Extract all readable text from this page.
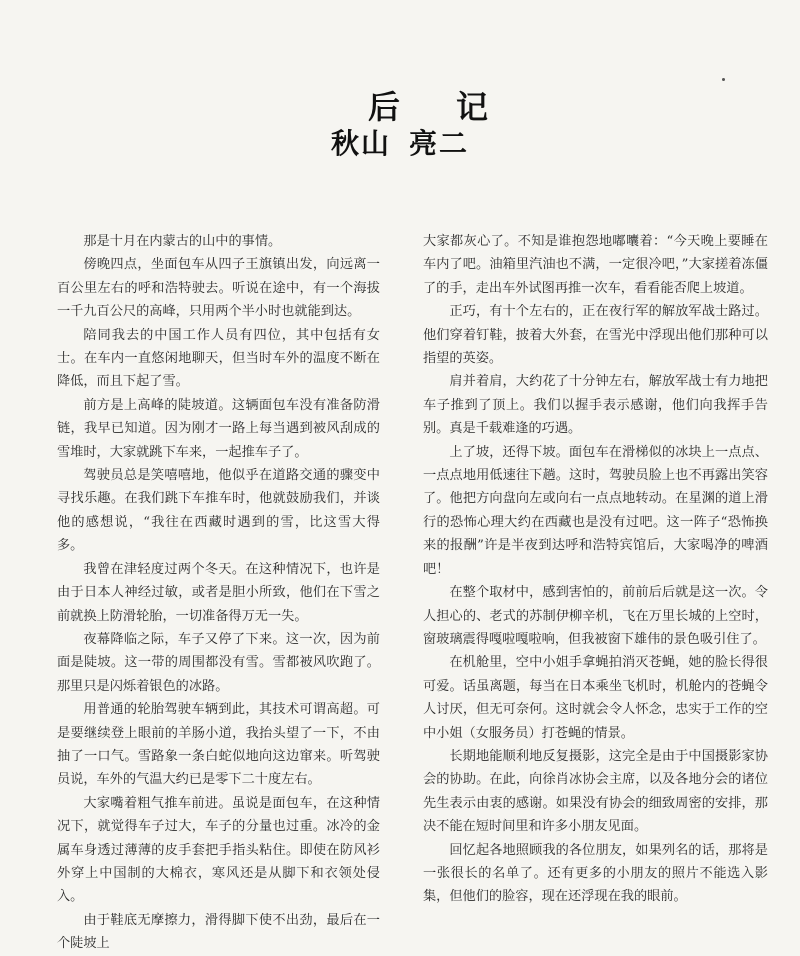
后记
秋山 亮二

那是十月在内蒙古的山中的事情。

傍晚四点，坐面包车从四子王旗镇出发，向远离一百公里左右的呼和浩特驶去。听说在途中，有一个海拔一千九百公尺的高峰，只用两个半小时也就能到达。

陪同我去的中国工作人员有四位，其中包括有女士。在车内一直悠闲地聊天，但当时车外的温度不断在降低，而且下起了雪。

前方是上高峰的陡坡道。这辆面包车没有准备防滑链，我早已知道。因为刚才一路上每当遇到被风刮成的雪堆时，大家就跳下车来，一起推车子了。

驾驶员总是笑嘻嘻地，他似乎在道路交通的骤变中寻找乐趣。在我们跳下车推车时，他就鼓励我们，并谈他的感想说，“我往在西藏时遇到的雪，比这雪大得多。

我曾在津轻度过两个冬天。在这种情况下，也许是由于日本人神经过敏，或者是胆小所致，他们在下雪之前就换上防滑轮胎，一切准备得万无一失。

夜幕降临之际，车子又停了下来。这一次，因为前面是陡坡。这一带的周围都没有雪。雪都被风吹跑了。那里只是闪烁着银色的冰路。

用普通的轮胎驾驶车辆到此，其技术可谓高超。可是要继续登上眼前的羊肠小道，我抬头望了一下，不由抽了一口气。雪路象一条白蛇似地向这边窜来。听驾驶员说，车外的气温大约已是零下二十度左右。

大家嘴着粗气推车前进。虽说是面包车，在这种情况下，就觉得车子过大，车子的分量也过重。冰冷的金属车身透过薄薄的皮手套把手指头粘住。即使在防风衫外穿上中国制的大棉衣，寒风还是从脚下和衣领处侵入。

由于鞋底无摩擦力，滑得脚下使不出劲，最后在一个陡坡上

大家都灰心了。不知是谁抱怨地嘟囔着：“今天晚上要睡在车内了吧。油箱里汽油也不满，一定很冷吧，”大家搓着冻僵了的手，走出车外试图再推一次车，看看能否爬上坡道。

正巧，有十个左右的，正在夜行军的解放军战士路过。他们穿着钉鞋，披着大外套，在雪光中浮现出他们那种可以指望的英姿。

肩并着肩，大约花了十分钟左右，解放军战士有力地把车子推到了顶上。我们以握手表示感谢，他们向我挥手告别。真是千载难逢的巧遇。

上了坡，还得下坡。面包车在滑梯似的冰块上一点点、一点点地用低速往下趟。这时，驾驶员脸上也不再露出笑容了。他把方向盘向左或向右一点点地转动。在星渊的道上滑行的恐怖心理大约在西藏也是没有过吧。这一阵子“恐怖换来的报酬”许是半夜到达呼和浩特宾馆后，大家喝净的啤酒吧！

在整个取材中，感到害怕的，前前后后就是这一次。令人担心的、老式的苏制伊柳辛机，飞在万里长城的上空时，窗玻璃震得嘎啦嘎啦响，但我被窗下雄伟的景色吸引住了。

在机舱里，空中小姐手拿蝇拍消灭苍蝇，她的脸长得很可爱。话虽离题，每当在日本乘坐飞机时，机舱内的苍蝇令人讨厌，但无可奈何。这时就会令人怀念，忠实于工作的空中小姐（女服务员）打苍蝇的情景。

长期地能顺利地反复摄影，这完全是由于中国摄影家协会的协助。在此，向徐肖冰协会主席，以及各地分会的诸位先生表示由衷的感谢。如果没有协会的细致周密的安排，那决不能在短时间里和许多小朋友见面。

回忆起各地照顾我的各位朋友，如果列名的话，那将是一张很长的名单了。还有更多的小朋友的照片不能选入影集，但他们的脸容，现在还浮现在我的眼前。
